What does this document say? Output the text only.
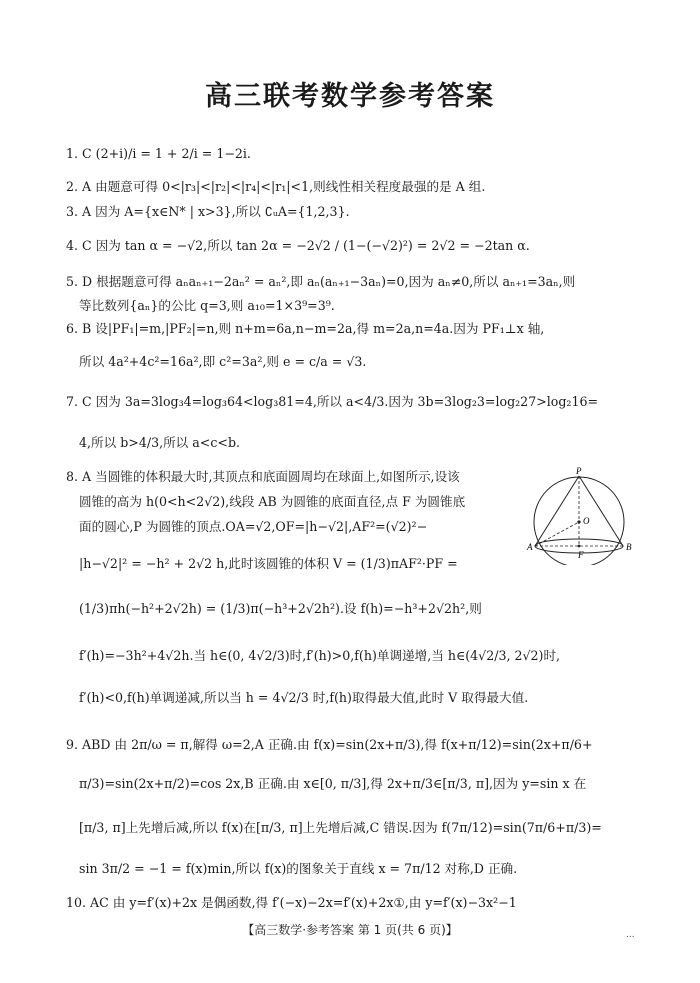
高三联考数学参考答案
1. C (2+i)/i = 1 + 2/i = 1−2i.
2. A 由题意可得 0<|r₃|<|r₂|<|r₄|<|r₁|<1,则线性相关程度最强的是 A 组.
3. A 因为 A={x∈N* | x>3},所以 ∁ᵤA={1,2,3}.
4. C 因为 tan α = −√2,所以 tan 2α = −2√2 / (1−(−√2)²) = 2√2 = −2tan α.
5. D 根据题意可得 aₙaₙ₊₁−2aₙ² = aₙ²,即 aₙ(aₙ₊₁−3aₙ)=0,因为 aₙ≠0,所以 aₙ₊₁=3aₙ,则
等比数列{aₙ}的公比 q=3,则 a₁₀=1×3⁹=3⁹.
6. B 设|PF₁|=m,|PF₂|=n,则 n+m=6a,n−m=2a,得 m=2a,n=4a.因为 PF₁⊥x 轴,
所以 4a²+4c²=16a²,即 c²=3a²,则 e = c/a = √3.
7. C 因为 3a=3log₃4=log₃64<log₃81=4,所以 a<4/3.因为 3b=3log₂3=log₂27>log₂16=
4,所以 b>4/3,所以 a<c<b.
8. A 当圆锥的体积最大时,其顶点和底面圆周均在球面上,如图所示,设该
圆锥的高为 h(0<h<2√2),线段 AB 为圆锥的底面直径,点 F 为圆锥底
面的圆心,P 为圆锥的顶点.OA=√2,OF=|h−√2|,AF²=(√2)²−
|h−√2|² = −h² + 2√2 h,此时该圆锥的体积 V = (1/3)πAF²·PF =
(1/3)πh(−h²+2√2h) = (1/3)π(−h³+2√2h²).设 f(h)=−h³+2√2h²,则
f′(h)=−3h²+4√2h.当 h∈(0, 4√2/3)时,f′(h)>0,f(h)单调递增,当 h∈(4√2/3, 2√2)时,
f′(h)<0,f(h)单调递减,所以当 h = 4√2/3 时,f(h)取得最大值,此时 V 取得最大值.
9. ABD 由 2π/ω = π,解得 ω=2,A 正确.由 f(x)=sin(2x+π/3),得 f(x+π/12)=sin(2x+π/6+
π/3)=sin(2x+π/2)=cos 2x,B 正确.由 x∈[0, π/3],得 2x+π/3∈[π/3, π],因为 y=sin x 在
[π/3, π]上先增后减,所以 f(x)在[π/3, π]上先增后减,C 错误.因为 f(7π/12)=sin(7π/6+π/3)=
sin 3π/2 = −1 = f(x)min,所以 f(x)的图象关于直线 x = 7π/12 对称,D 正确.
10. AC 由 y=f′(x)+2x 是偶函数,得 f′(−x)−2x=f′(x)+2x①,由 y=f′(x)−3x²−1
P
O
A
F
B
【高三数学·参考答案 第 1 页(共 6 页)】	...
